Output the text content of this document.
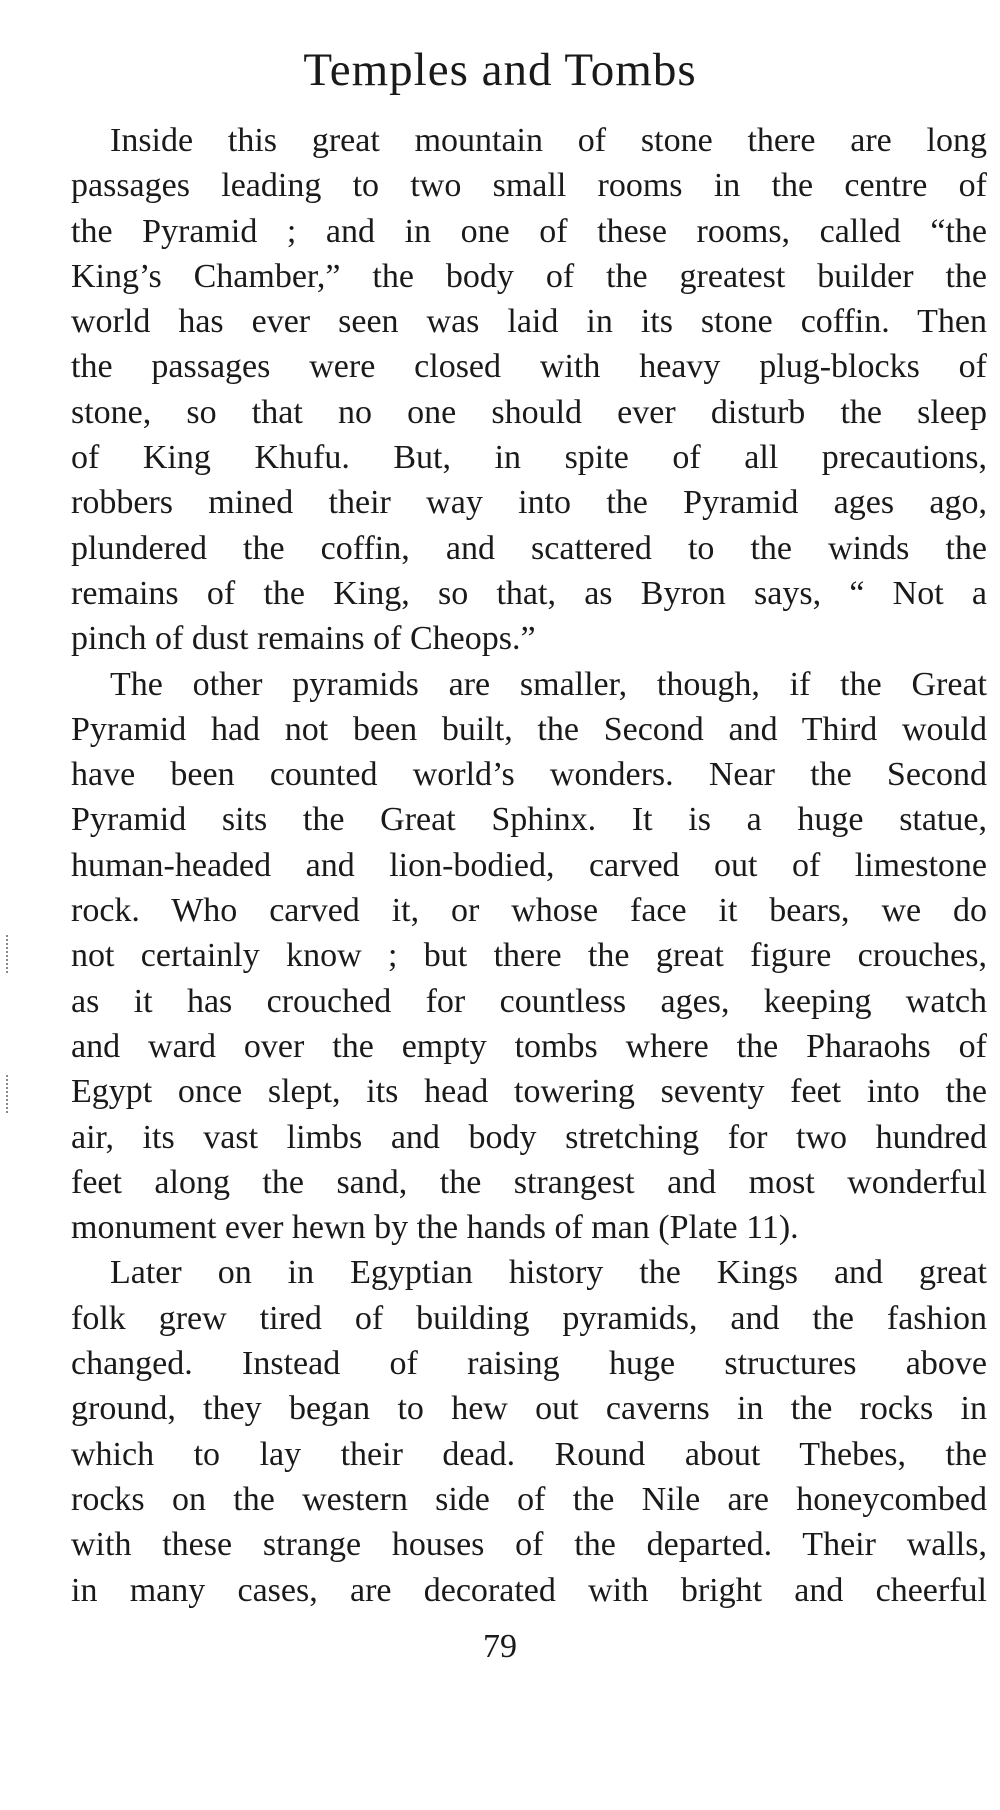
Temples and Tombs
Inside this great mountain of stone there are long
passages leading to two small rooms in the centre of
the Pyramid ; and in one of these rooms, called “the
King’s Chamber,” the body of the greatest builder the
world has ever seen was laid in its stone coffin. Then
the passages were closed with heavy plug-blocks of
stone, so that no one should ever disturb the sleep
of King Khufu. But, in spite of all precautions,
robbers mined their way into the Pyramid ages ago,
plundered the coffin, and scattered to the winds the
remains of the King, so that, as Byron says, “ Not a
pinch of dust remains of Cheops.”
The other pyramids are smaller, though, if the Great
Pyramid had not been built, the Second and Third would
have been counted world’s wonders. Near the Second
Pyramid sits the Great Sphinx. It is a huge statue,
human-headed and lion-bodied, carved out of limestone
rock. Who carved it, or whose face it bears, we do
not certainly know ; but there the great figure crouches,
as it has crouched for countless ages, keeping watch
and ward over the empty tombs where the Pharaohs of
Egypt once slept, its head towering seventy feet into the
air, its vast limbs and body stretching for two hundred
feet along the sand, the strangest and most wonderful
monument ever hewn by the hands of man (Plate 11).
Later on in Egyptian history the Kings and great
folk grew tired of building pyramids, and the fashion
changed. Instead of raising huge structures above
ground, they began to hew out caverns in the rocks in
which to lay their dead. Round about Thebes, the
rocks on the western side of the Nile are honeycombed
with these strange houses of the departed. Their walls,
in many cases, are decorated with bright and cheerful
79
